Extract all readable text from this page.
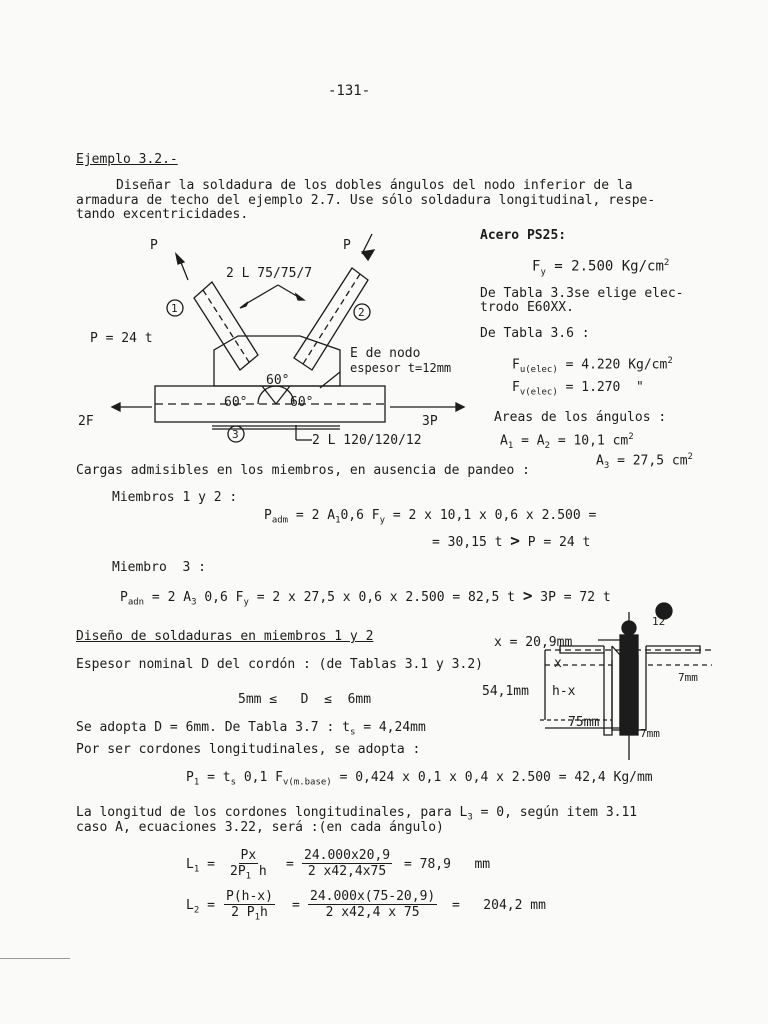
-131-
Ejemplo 3.2.-
Diseñar la soldadura de los dobles ángulos del nodo inferior de la
armadura de techo del ejemplo 2.7. Use sólo soldadura longitudinal, respe-
tando excentricidades.
P	P
2 L 75/75/7
1	2
3
P = 24 t
E de nodo
espesor t=12mm
60°
60°	60°
2F	3P
2 L 120/120/12
Acero PS25:
$F_y = 2.500$ $Kg/cm^2$
De Tabla 3.3se elige elec-
trodo E60XX.
De Tabla 3.6 :
$F_{u(elec)} = 4.220$ $Kg/cm^2$
$F_{v(elec)} = 1.270$  "
Areas de los ángulos :
$A_1 = A_2 = 10,1$ $cm^2$
$A_3 = 27,5$ $cm^2$
Cargas admisibles en los miembros, en ausencia de pandeo :
Miembros 1 y 2 :
$P_{adm} = 2$ $A_10,6$ $F_y = 2$ x 10,1 x 0,6 x 2.500 =
= 30,15 t > P = 24 t
Miembro  3 :
$P_{adn} = 2$ $A_3$ 0,6 $F_y = 2$ x 27,5 x 0,6 x 2.500 = 82,5 t > 3P = 72 t
Diseño de soldaduras en miembros 1 y 2
Espesor nominal D del cordón : (de Tablas 3.1 y 3.2)
5mm ≤   D  ≤  6mm
Se adopta D = 6mm. De Tabla 3.7 : $t_s = 4,24mm$
Por ser cordones longitudinales, se adopta :
$P_1 = t_s$ 0,1 $F_{v(m.base)} = 0,424$ x 0,1 x 0,4 x 2.500 = 42,4 Kg/mm
x = 20,9mm
12
x
7mm
54,1mm h-x
75mm
7mm
La longitud de los cordones longitudinales, para $L_3 = 0$, según item 3.11
caso A, ecuaciones 3.22, será :(en cada ángulo)
$L_1 = \frac{Px}{2P_1 h} = \frac{24.000x20,9}{2 x42,4x75} = 78,9$   mm
$L_2 = \frac{P(h-x)}{2 P_1h} = \frac{24.000x(75-20,9)}{2 x42,4 x 75} = 204,2$ mm
